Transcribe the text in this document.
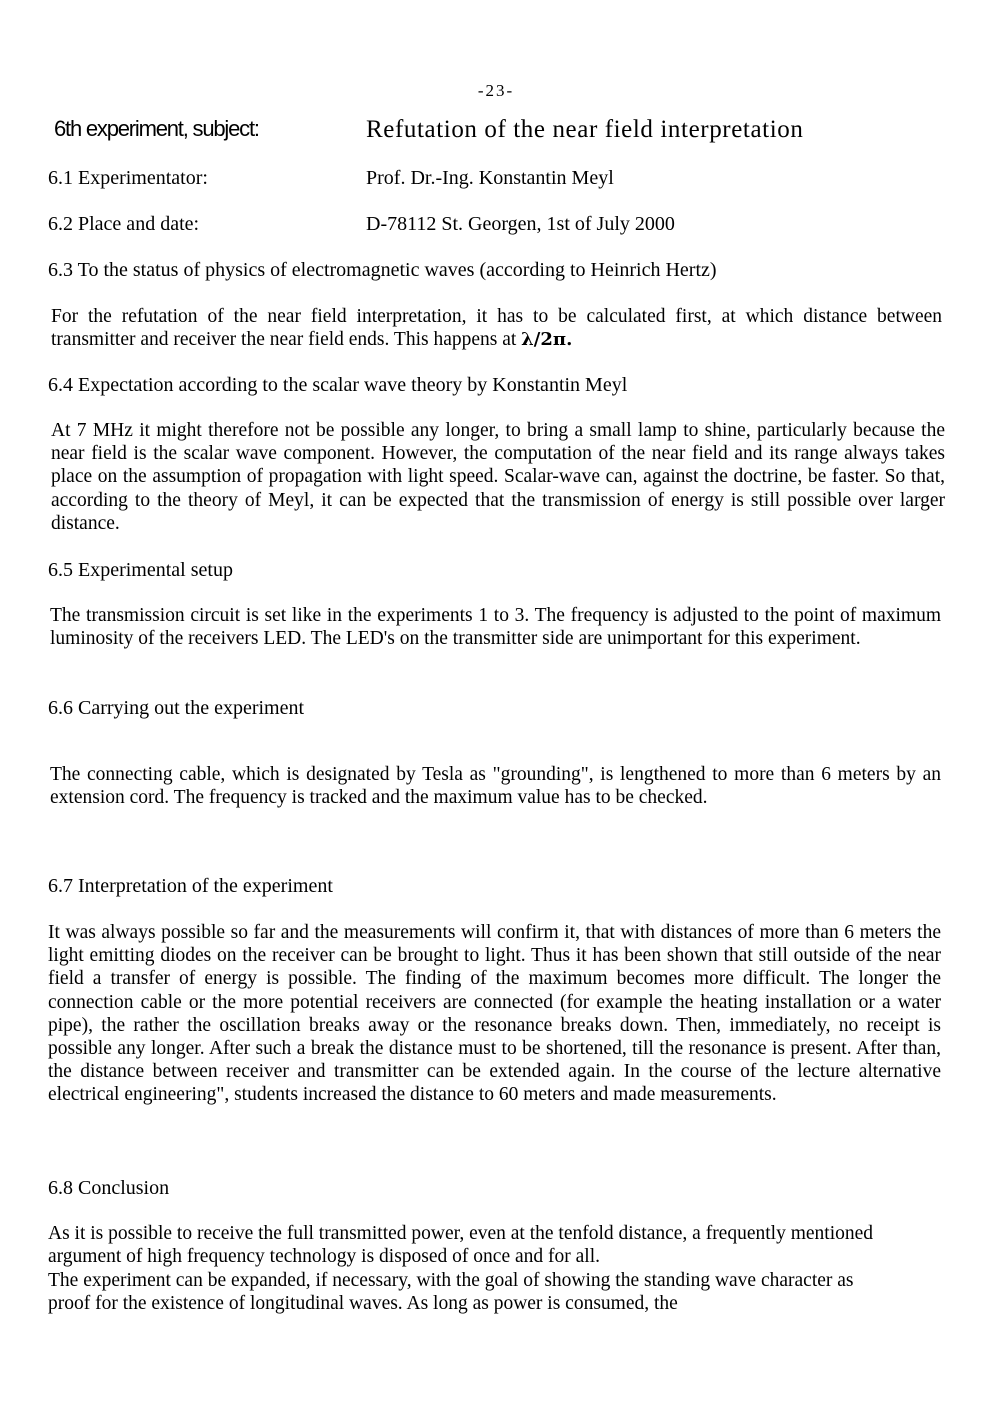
-23-
6th experiment, subject:	Refutation of the near field interpretation
6.1 Experimentator:	Prof. Dr.-Ing. Konstantin Meyl
6.2 Place and date:	D-78112 St. Georgen, 1st of July 2000
6.3 To the status of physics of electromagnetic waves (according to Heinrich Hertz)
For the refutation of the near field interpretation, it has to be calculated first, at which distance between transmitter and receiver the near field ends. This happens at λ/2π.
6.4 Expectation according to the scalar wave theory by Konstantin Meyl
At 7 MHz it might therefore not be possible any longer, to bring a small lamp to shine, particularly because the near field is the scalar wave component. However, the computation of the near field and its range always takes place on the assumption of propagation with light speed. Scalar-wave can, against the doctrine, be faster. So that, according to the theory of Meyl, it can be expected that the transmission of energy is still possible over larger distance.
6.5 Experimental setup
The transmission circuit is set like in the experiments 1 to 3. The frequency is adjusted to the point of maximum luminosity of the receivers LED. The LED's on the transmitter side are unimportant for this experiment.
6.6 Carrying out the experiment
The connecting cable, which is designated by Tesla as "grounding", is lengthened to more than 6 meters by an extension cord. The frequency is tracked and the maximum value has to be checked.
6.7 Interpretation of the experiment
It was always possible so far and the measurements will confirm it, that with distances of more than 6 meters the light emitting diodes on the receiver can be brought to light. Thus it has been shown that still outside of the near field a transfer of energy is possible. The finding of the maximum becomes more difficult. The longer the connection cable or the more potential receivers are connected (for example the heating installation or a water pipe), the rather the oscillation breaks away or the resonance breaks down. Then, immediately, no receipt is possible any longer. After such a break the distance must to be shortened, till the resonance is present. After than, the distance between receiver and transmitter can be extended again. In the course of the lecture alternative electrical engineering", students increased the distance to 60 meters and made measurements.
6.8 Conclusion

As it is possible to receive the full transmitted power, even at the tenfold distance, a frequently mentioned argument of high frequency technology is disposed of once and for all.

The experiment can be expanded, if necessary, with the goal of showing the standing wave character as proof for the existence of longitudinal waves. As long as power is consumed, the
